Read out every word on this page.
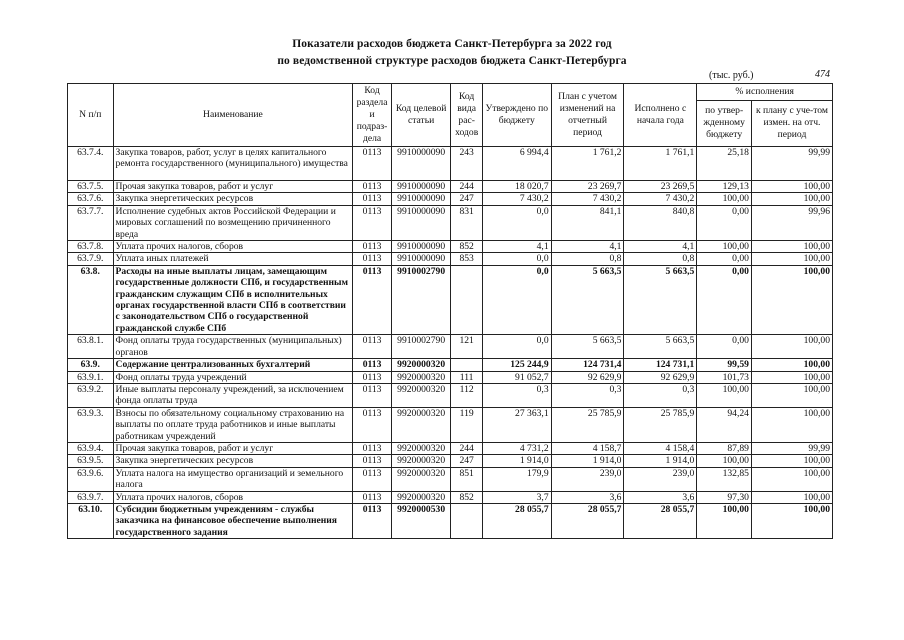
Показатели расходов бюджета Санкт-Петербурга за 2022 год
по ведомственной структуре расходов бюджета Санкт-Петербурга
(тыс. руб.)	474
N п/п	Наименование	Код раздела и подраз-дела	Код целевой статьи	Код вида рас-ходов	Утверждено по бюджету	План с учетом изменений на отчетный период	Исполнено с начала года	% исполнения	
								по утвер-жденному бюджету	к плану с уче-том измен. на отч. период
63.7.4.	Закупка товаров, работ, услуг в целях капитального ремонта государственного (муниципального) имущества	0113	9910000090	243	6 994,4	1 761,2	1 761,1	25,18	99,99
63.7.5.	Прочая закупка товаров, работ и услуг	0113	9910000090	244	18 020,7	23 269,7	23 269,5	129,13	100,00
63.7.6.	Закупка энергетических ресурсов	0113	9910000090	247	7 430,2	7 430,2	7 430,2	100,00	100,00
63.7.7.	Исполнение судебных актов Российской Федерации и мировых соглашений по возмещению причиненного вреда	0113	9910000090	831	0,0	841,1	840,8	0,00	99,96
63.7.8.	Уплата прочих налогов, сборов	0113	9910000090	852	4,1	4,1	4,1	100,00	100,00
63.7.9.	Уплата иных платежей	0113	9910000090	853	0,0	0,8	0,8	0,00	100,00
63.8.	Расходы на иные выплаты лицам, замещающим государственные должности СПб, и государственным гражданским служащим СПб в исполнительных органах государственной власти СПб в соответствии с законодательством СПб о государственной гражданской службе СПб	0113	9910002790		0,0	5 663,5	5 663,5	0,00	100,00
63.8.1.	Фонд оплаты труда государственных (муниципальных) органов	0113	9910002790	121	0,0	5 663,5	5 663,5	0,00	100,00
63.9.	Содержание централизованных бухгалтерий	0113	9920000320		125 244,9	124 731,4	124 731,1	99,59	100,00
63.9.1.	Фонд оплаты труда учреждений	0113	9920000320	111	91 052,7	92 629,9	92 629,9	101,73	100,00
63.9.2.	Иные выплаты персоналу учреждений, за исключением фонда оплаты труда	0113	9920000320	112	0,3	0,3	0,3	100,00	100,00
63.9.3.	Взносы по обязательному социальному страхованию на выплаты по оплате труда работников и иные выплаты работникам учреждений	0113	9920000320	119	27 363,1	25 785,9	25 785,9	94,24	100,00
63.9.4.	Прочая закупка товаров, работ и услуг	0113	9920000320	244	4 731,2	4 158,7	4 158,4	87,89	99,99
63.9.5.	Закупка энергетических ресурсов	0113	9920000320	247	1 914,0	1 914,0	1 914,0	100,00	100,00
63.9.6.	Уплата налога на имущество организаций и земельного налога	0113	9920000320	851	179,9	239,0	239,0	132,85	100,00
63.9.7.	Уплата прочих налогов, сборов	0113	9920000320	852	3,7	3,6	3,6	97,30	100,00
63.10.	Субсидии бюджетным учреждениям - службы заказчика на финансовое обеспечение выполнения государственного задания	0113	9920000530		28 055,7	28 055,7	28 055,7	100,00	100,00
